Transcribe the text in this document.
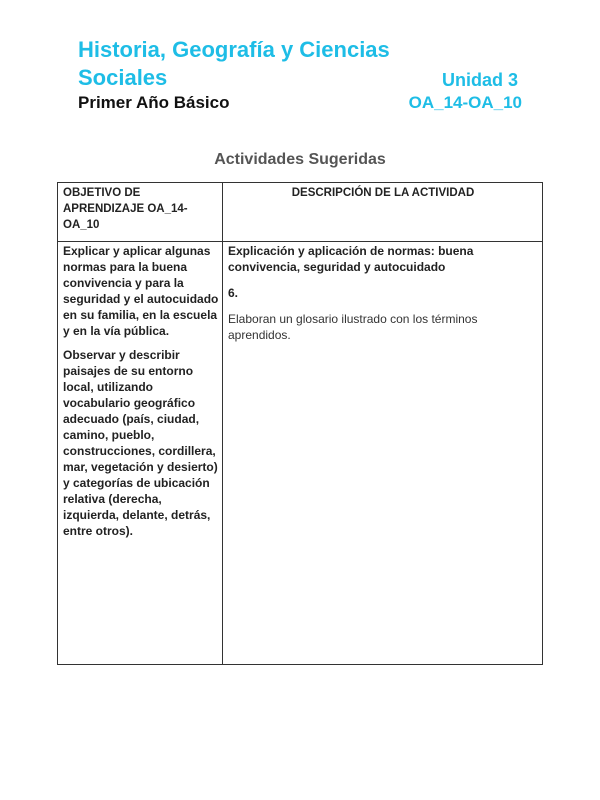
Historia, Geografía y Ciencias
Sociales	Unidad 3
Primer Año Básico	OA_14-OA_10
Actividades Sugeridas
OBJETIVO DE APRENDIZAJE OA_14-OA_10
DESCRIPCIÓN DE LA ACTIVIDAD

Explicar y aplicar algunas normas para la buena convivencia y para la seguridad y el autocuidado en su familia, en la escuela y en la vía pública.

Observar y describir paisajes de su entorno local, utilizando vocabulario geográfico adecuado (país, ciudad, camino, pueblo, construcciones, cordillera, mar, vegetación y desierto) y categorías de ubicación relativa (derecha, izquierda, delante, detrás, entre otros).

Explicación y aplicación de normas: buena convivencia, seguridad y autocuidado

6.

Elaboran un glosario ilustrado con los términos aprendidos.
